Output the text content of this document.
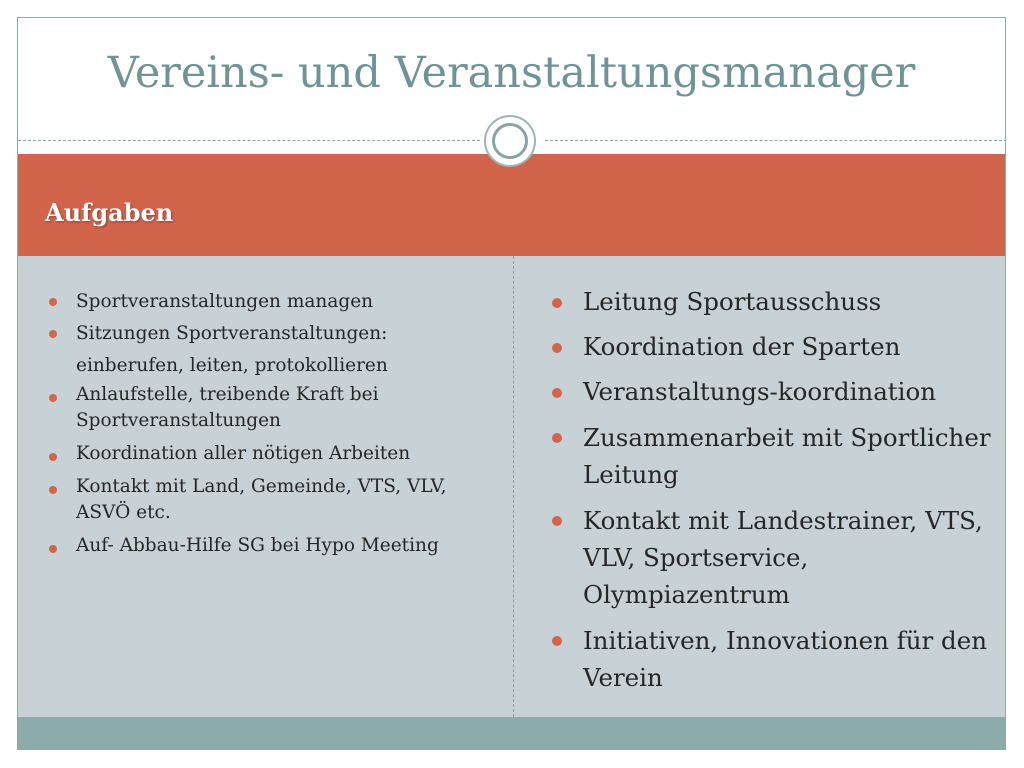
Vereins- und Veranstaltungsmanager
Aufgaben
Sportveranstaltungen managen
Sitzungen Sportveranstaltungen:
einberufen, leiten, protokollieren
Anlaufstelle, treibende Kraft bei Sportveranstaltungen
Koordination aller nötigen Arbeiten
Kontakt mit Land, Gemeinde, VTS, VLV, ASVÖ etc.
Auf- Abbau-Hilfe SG bei Hypo Meeting
Leitung Sportausschuss
Koordination der Sparten
Veranstaltungs-koordination
Zusammenarbeit mit Sportlicher Leitung
Kontakt mit Landestrainer, VTS, VLV, Sportservice, Olympiazentrum
Initiativen, Innovationen für den Verein
